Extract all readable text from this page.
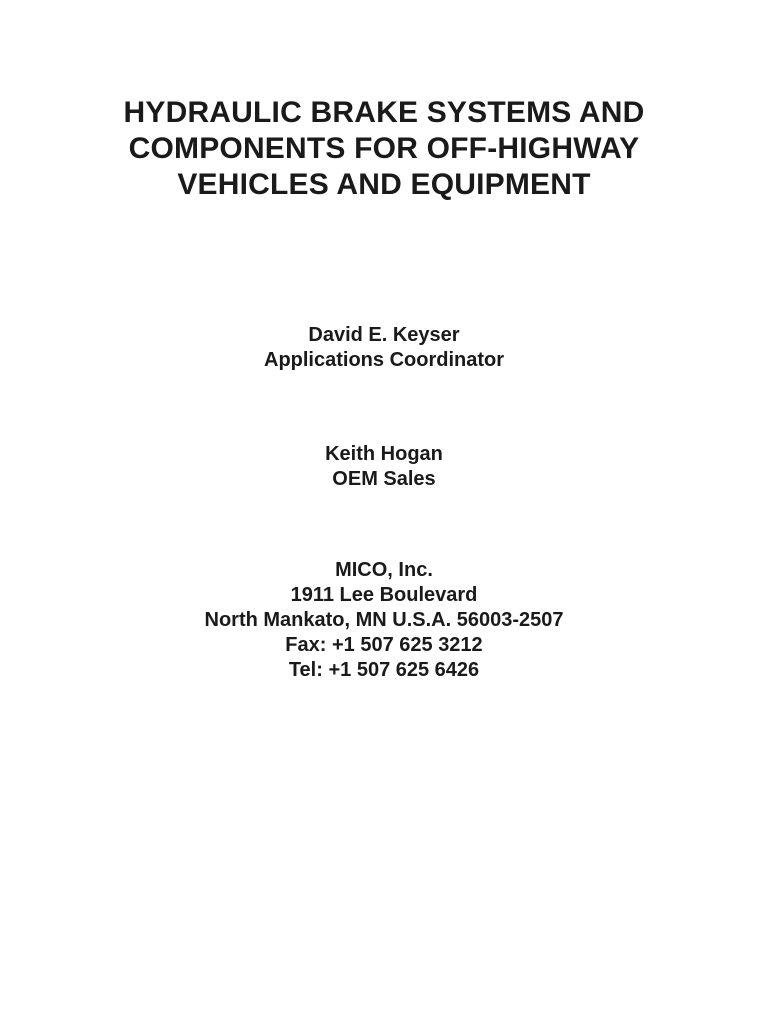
HYDRAULIC BRAKE SYSTEMS AND
COMPONENTS FOR OFF-HIGHWAY
VEHICLES AND EQUIPMENT
David E. Keyser
Applications Coordinator
Keith Hogan
OEM Sales
MICO, Inc.
1911 Lee Boulevard
North Mankato, MN U.S.A. 56003-2507
Fax: +1 507 625 3212
Tel: +1 507 625 6426
